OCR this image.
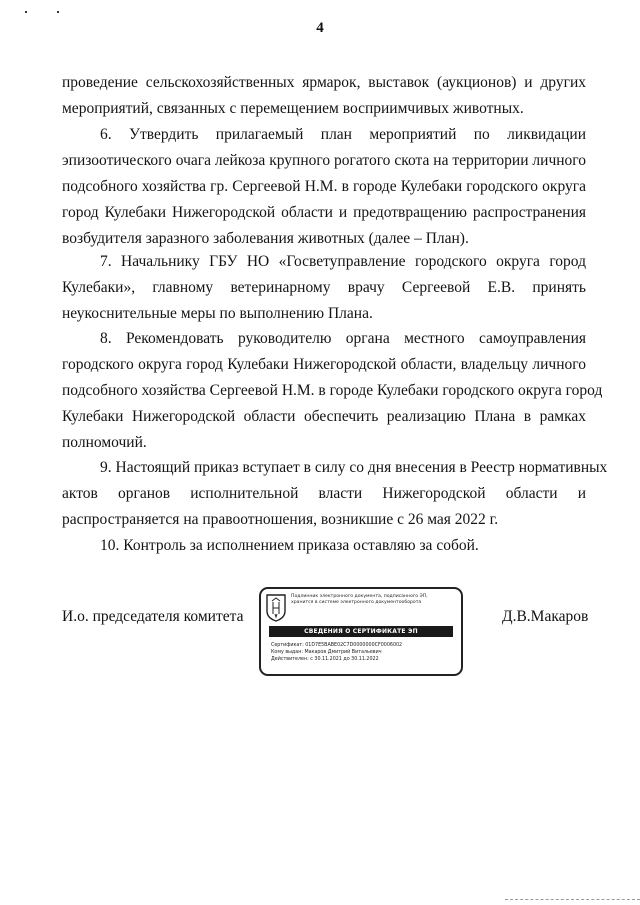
4
проведение сельскохозяйственных ярмарок, выставок (аукционов) и других
мероприятий, связанных с перемещением восприимчивых животных.
6. Утвердить прилагаемый план мероприятий по ликвидации
эпизоотического очага лейкоза крупного рогатого скота на территории личного
подсобного хозяйства гр. Сергеевой Н.М. в городе Кулебаки городского округа
город Кулебаки Нижегородской области и предотвращению распространения
возбудителя заразного заболевания животных (далее – План).
7. Начальнику ГБУ НО «Госветуправление городского округа город
Кулебаки», главному ветеринарному врачу Сергеевой Е.В. принять
неукоснительные меры по выполнению Плана.
8. Рекомендовать руководителю органа местного самоуправления
городского округа город Кулебаки Нижегородской области, владельцу личного
подсобного хозяйства Сергеевой Н.М. в городе Кулебаки городского округа город
Кулебаки Нижегородской области обеспечить реализацию Плана в рамках
полномочий.
9. Настоящий приказ вступает в силу со дня внесения в Реестр нормативных
актов органов исполнительной власти Нижегородской области и
распространяется на правоотношения, возникшие с 26 мая 2022 г.
10. Контроль за исполнением приказа оставляю за собой.
И.о. председателя комитета
Подлинник электронного документа, подписанного ЭП,
хранится в системе электронного документооборота
СВЕДЕНИЯ О СЕРТИФИКАТЕ ЭП
Сертификат: 01D7E5BABE02C7D0000000CF0006002
Кому выдан: Макаров Дмитрий Витальевич
Действителен: с 30.11.2021 до 30.11.2022
Д.В.Макаров
